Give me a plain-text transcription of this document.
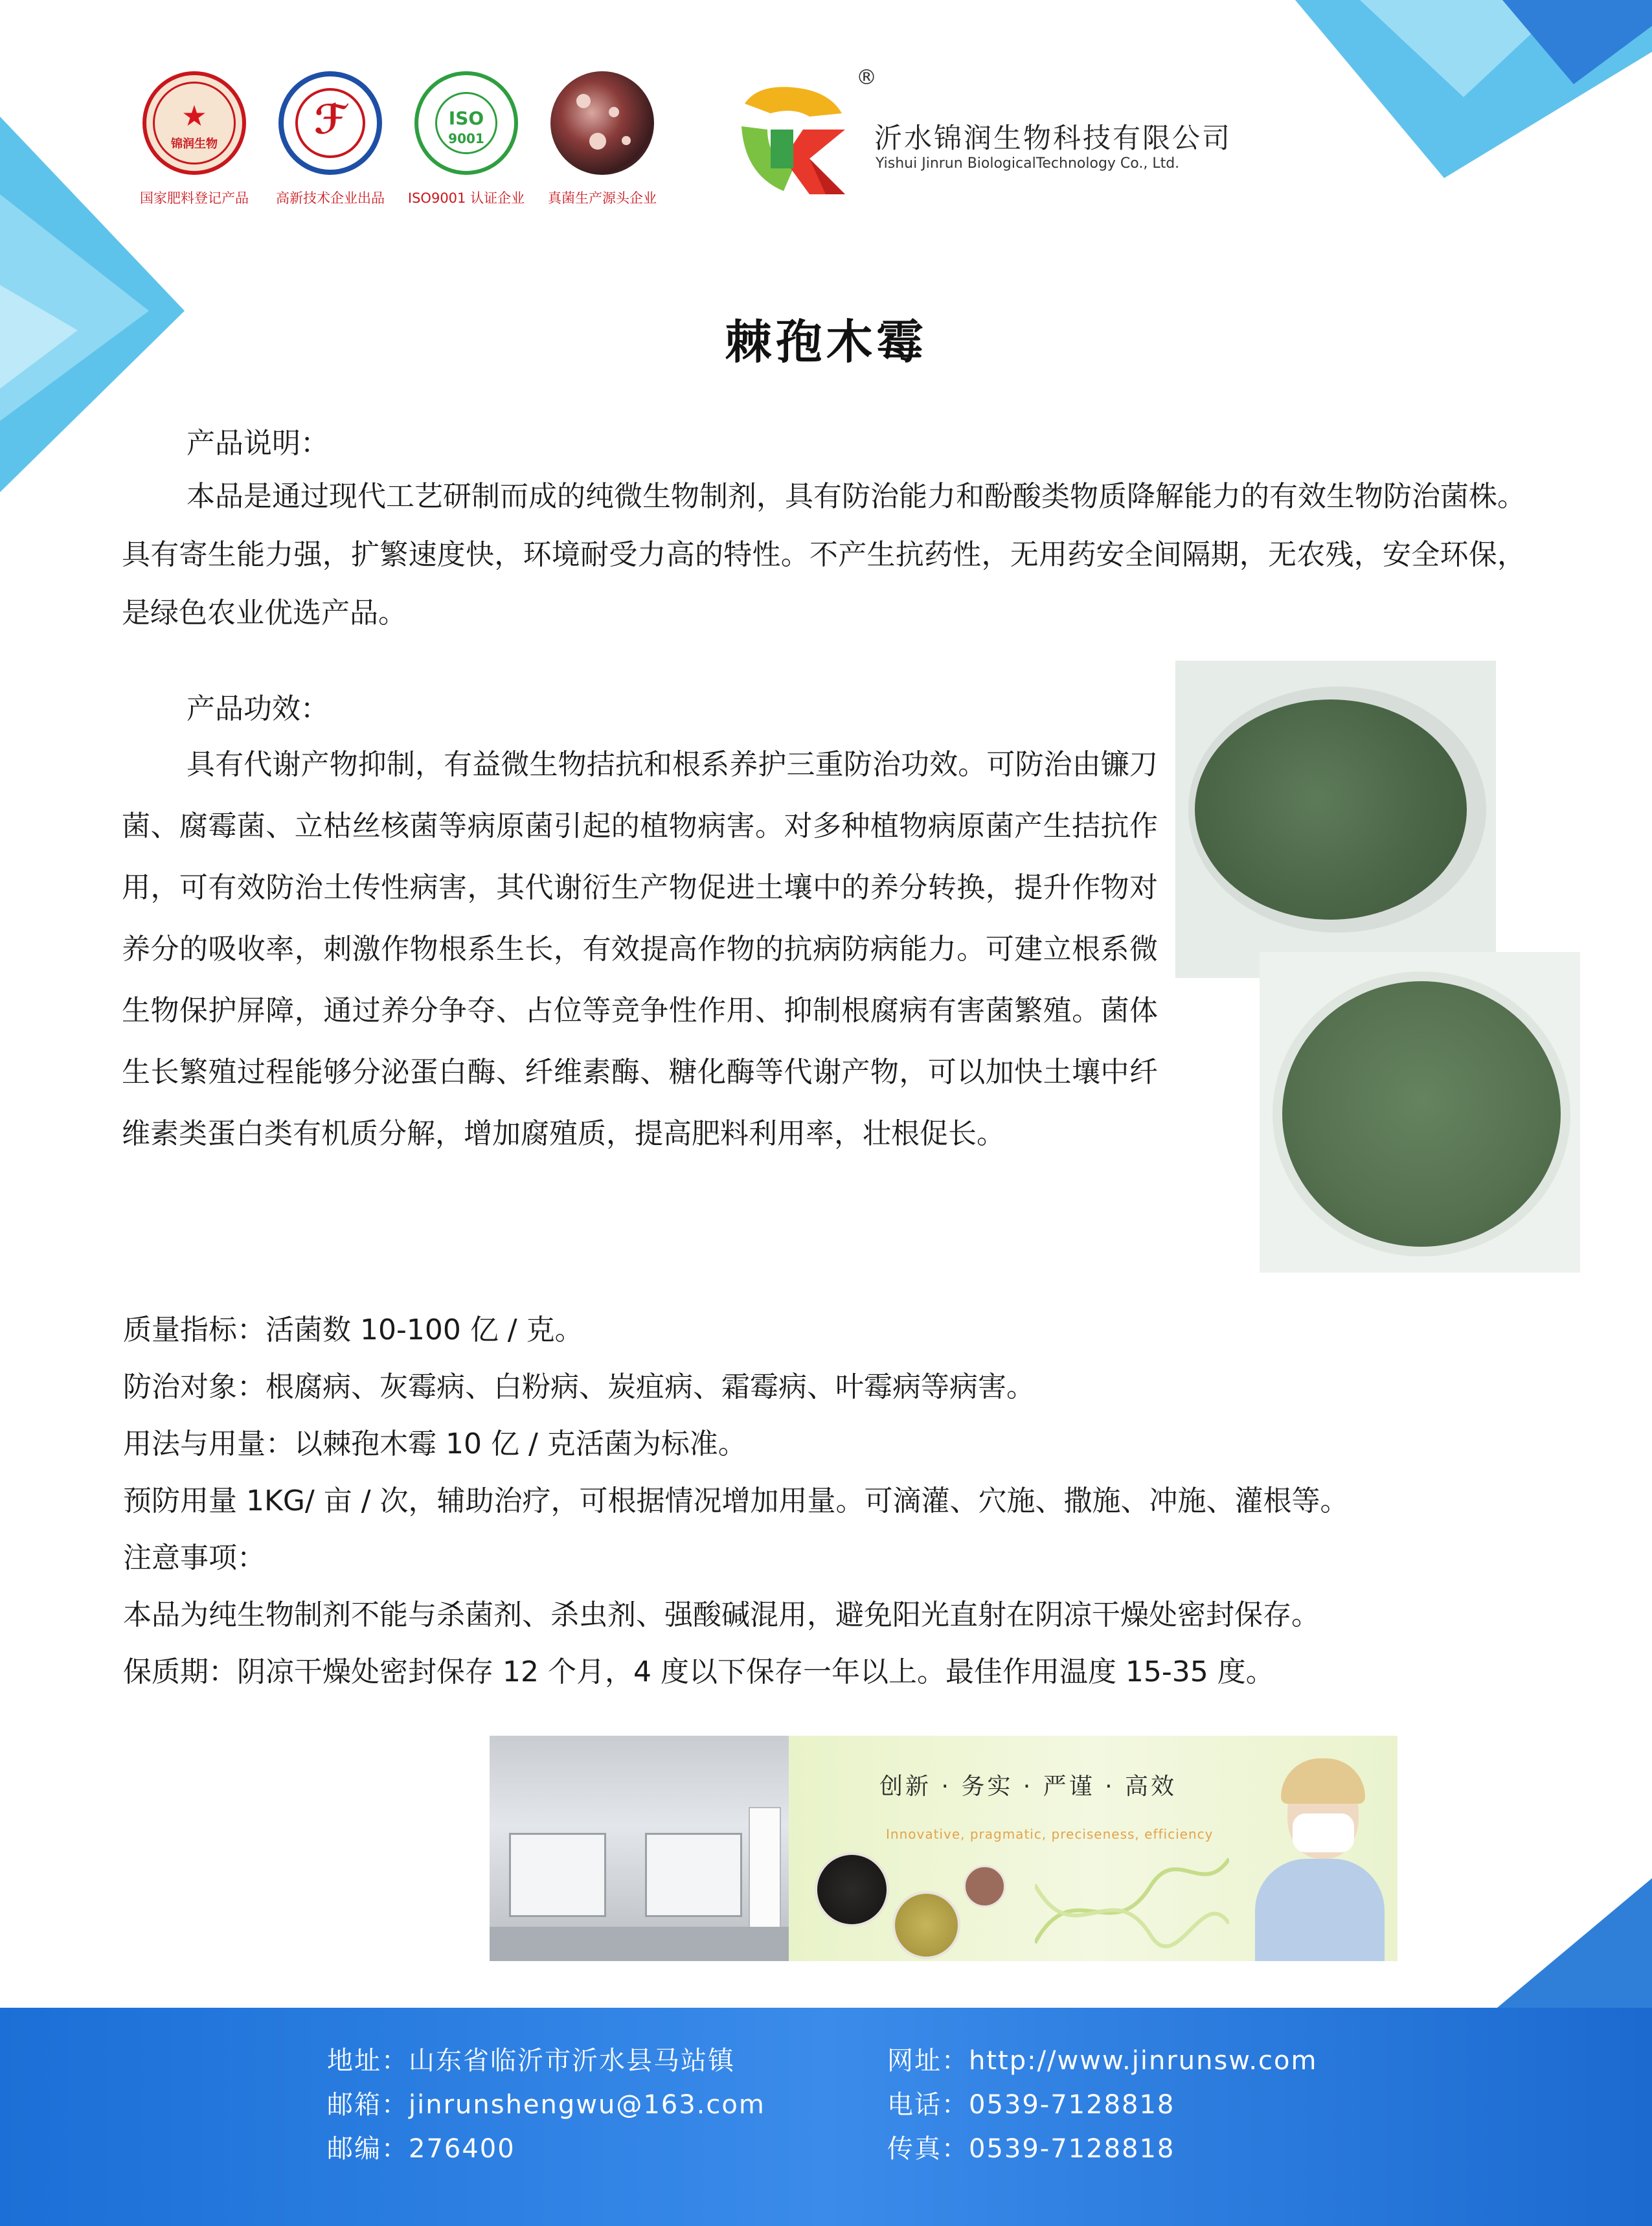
★
锦润生物
国家肥料登记产品
ℱ
高新技术企业出品
ISO
9001
ISO9001 认证企业	真菌生产源头企业
®
沂水锦润生物科技有限公司
Yishui Jinrun BiologicalTechnology Co., Ltd.
棘孢木霉
产品说明：

本品是通过现代工艺研制而成的纯微生物制剂，具有防治能力和酚酸类物质降解能力的有效生物防治菌株。具有寄生能力强，扩繁速度快，环境耐受力高的特性。不产生抗药性，无用药安全间隔期，无农残，安全环保，是绿色农业优选产品。

产品功效：

具有代谢产物抑制，有益微生物拮抗和根系养护三重防治功效。可防治由镰刀菌、腐霉菌、立枯丝核菌等病原菌引起的植物病害。对多种植物病原菌产生拮抗作用，可有效防治土传性病害，其代谢衍生产物促进土壤中的养分转换，提升作物对养分的吸收率，刺激作物根系生长，有效提高作物的抗病防病能力。可建立根系微生物保护屏障，通过养分争夺、占位等竞争性作用、抑制根腐病有害菌繁殖。菌体生长繁殖过程能够分泌蛋白酶、纤维素酶、糖化酶等代谢产物，可以加快土壤中纤维素类蛋白类有机质分解，增加腐殖质，提高肥料利用率，壮根促长。

质量指标：活菌数 10-100 亿 / 克。
防治对象：根腐病、灰霉病、白粉病、炭疽病、霜霉病、叶霉病等病害。
用法与用量：以棘孢木霉 10 亿 / 克活菌为标准。
预防用量 1KG/ 亩 / 次，辅助治疗，可根据情况增加用量。可滴灌、穴施、撒施、冲施、灌根等。
注意事项：
本品为纯生物制剂不能与杀菌剂、杀虫剂、强酸碱混用，避免阳光直射在阴凉干燥处密封保存。
保质期：阴凉干燥处密封保存 12 个月，4 度以下保存一年以上。最佳作用温度 15-35 度。
创新 · 务实 · 严谨 · 高效
Innovative, pragmatic, preciseness, efficiency
地址：山东省临沂市沂水县马站镇	网址：http://www.jinrunsw.com
邮箱：jinrunshengwu@163.com	电话：0539-7128818
邮编：276400	传真：0539-7128818
